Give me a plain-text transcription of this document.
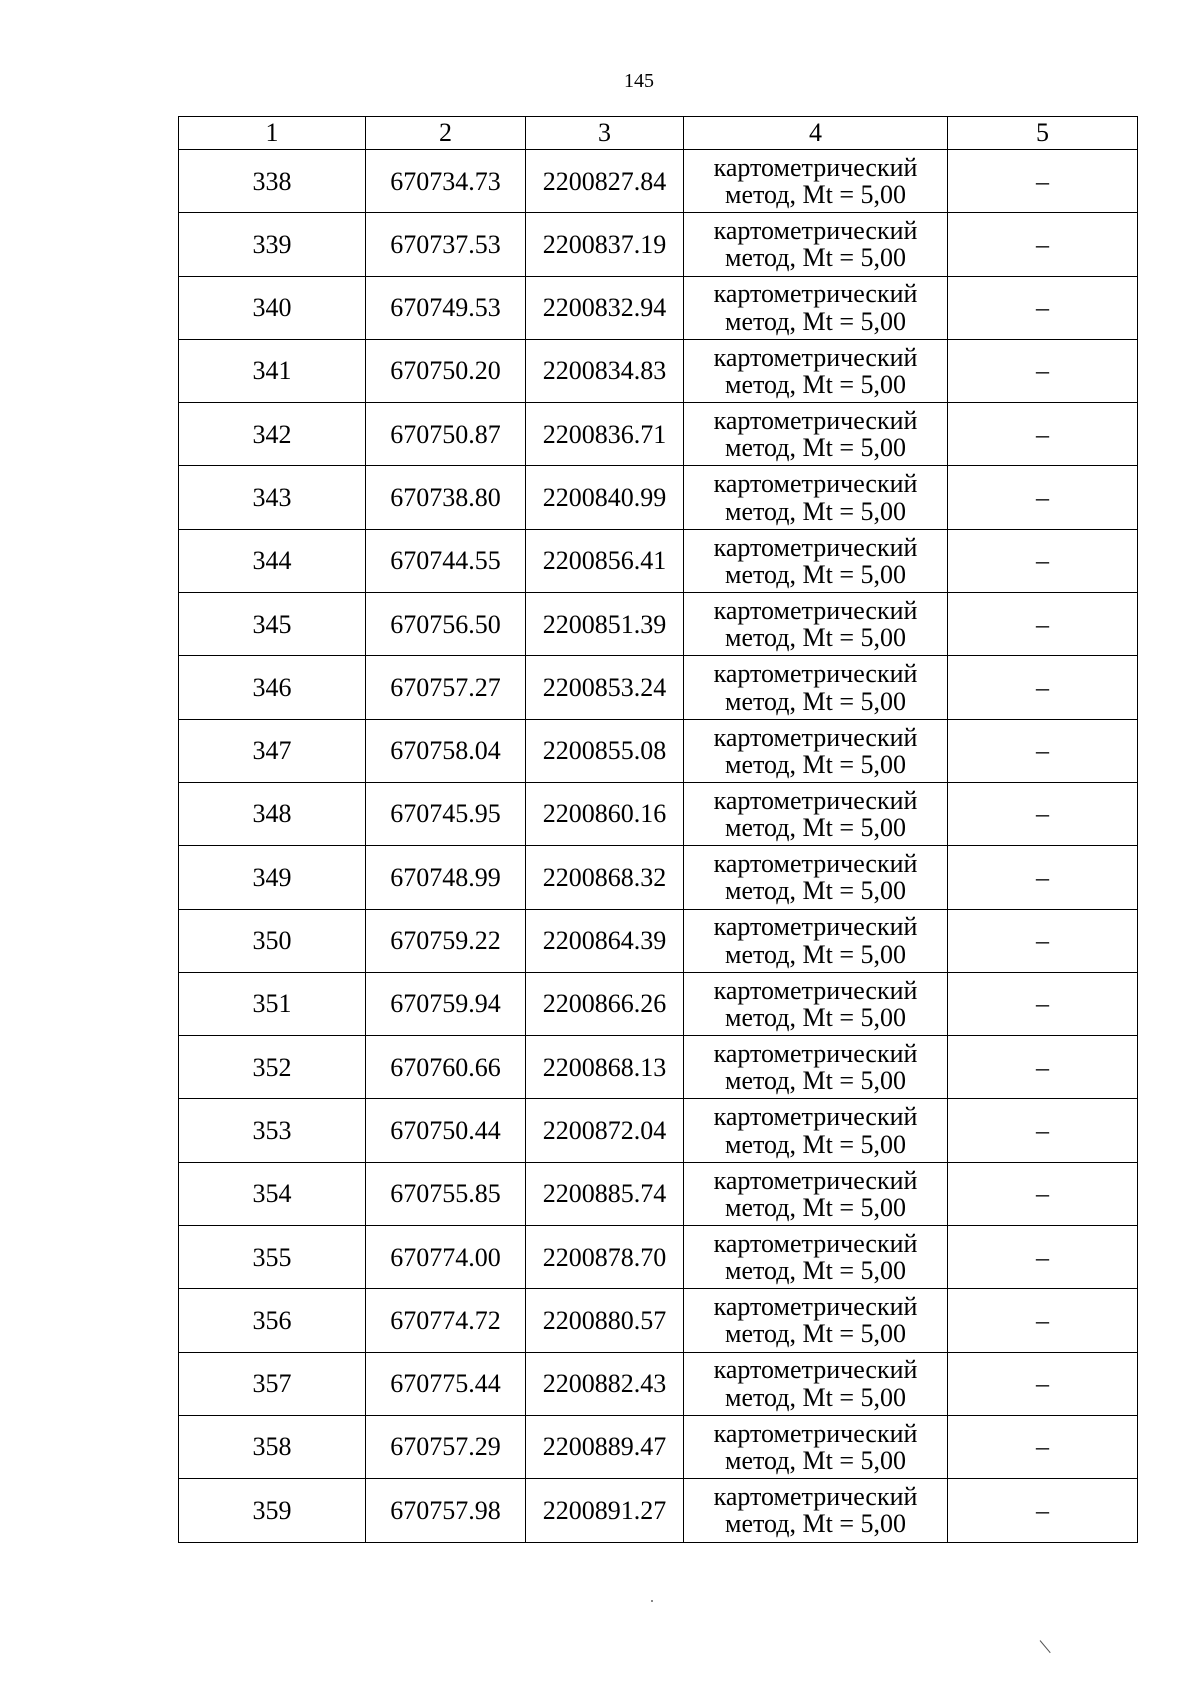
145
1	2	3	4	5
338	670734.73	2200827.84	картометрический
метод, Mt = 5,00	–
339	670737.53	2200837.19	картометрический
метод, Mt = 5,00	–
340	670749.53	2200832.94	картометрический
метод, Mt = 5,00	–
341	670750.20	2200834.83	картометрический
метод, Mt = 5,00	–
342	670750.87	2200836.71	картометрический
метод, Mt = 5,00	–
343	670738.80	2200840.99	картометрический
метод, Mt = 5,00	–
344	670744.55	2200856.41	картометрический
метод, Mt = 5,00	–
345	670756.50	2200851.39	картометрический
метод, Mt = 5,00	–
346	670757.27	2200853.24	картометрический
метод, Mt = 5,00	–
347	670758.04	2200855.08	картометрический
метод, Mt = 5,00	–
348	670745.95	2200860.16	картометрический
метод, Mt = 5,00	–
349	670748.99	2200868.32	картометрический
метод, Mt = 5,00	–
350	670759.22	2200864.39	картометрический
метод, Mt = 5,00	–
351	670759.94	2200866.26	картометрический
метод, Mt = 5,00	–
352	670760.66	2200868.13	картометрический
метод, Mt = 5,00	–
353	670750.44	2200872.04	картометрический
метод, Mt = 5,00	–
354	670755.85	2200885.74	картометрический
метод, Mt = 5,00	–
355	670774.00	2200878.70	картометрический
метод, Mt = 5,00	–
356	670774.72	2200880.57	картометрический
метод, Mt = 5,00	–
357	670775.44	2200882.43	картометрический
метод, Mt = 5,00	–
358	670757.29	2200889.47	картометрический
метод, Mt = 5,00	–
359	670757.98	2200891.27	картометрический
метод, Mt = 5,00	–
